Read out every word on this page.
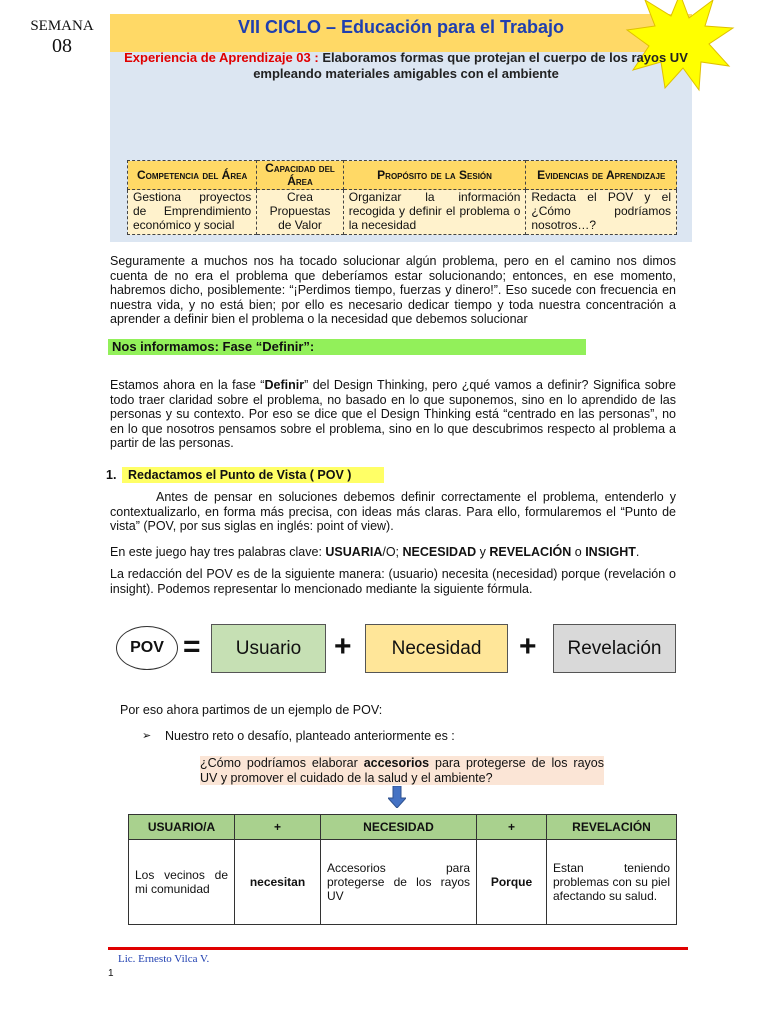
SEMANA
08
VII CICLO – Educación para el Trabajo
Experiencia de Aprendizaje 03 : Elaboramos formas que protejan el cuerpo de los rayos UV empleando materiales amigables con el ambiente
Competencia del Área	Capacidad del Área	Propósito de la Sesión	Evidencias de Aprendizaje
Gestiona proyectos de Emprendimiento económico y social	Crea Propuestas de Valor	Organizar la información recogida y definir el problema o la necesidad	Redacta el POV y el ¿Cómo podríamos nosotros…?
Seguramente a muchos nos ha tocado solucionar algún problema, pero en el camino nos dimos cuenta de no era el problema que deberíamos estar solucionando; entonces, en ese momento, habremos dicho, posiblemente: “¡Perdimos tiempo, fuerzas y dinero!”. Eso sucede con frecuencia en nuestra vida, y no está bien; por ello es necesario dedicar tiempo y toda nuestra concentración a aprender a definir bien el problema o la necesidad que debemos solucionar
Nos informamos: Fase “Definir”:
Estamos ahora en la fase “Definir” del Design Thinking, pero ¿qué vamos a definir? Significa sobre todo traer claridad sobre el problema, no basado en lo que suponemos, sino en lo aprendido de las personas y su contexto. Por eso se dice que el Design Thinking está “centrado en las personas”, no en lo que nosotros pensamos sobre el problema, sino en lo que descubrimos respecto al problema a partir de las personas.
1. Redactamos el Punto de Vista ( POV )
Antes de pensar en soluciones debemos definir correctamente el problema, entenderlo y contextualizarlo, en forma más precisa, con ideas más claras. Para ello, formularemos el “Punto de vista” (POV, por sus siglas en inglés: point of view).
En este juego hay tres palabras clave: USUARIA/O; NECESIDAD y REVELACIÓN o INSIGHT.
La redacción del POV es de la siguiente manera: (usuario) necesita (necesidad) porque (revelación o insight). Podemos representar lo mencionado mediante la siguiente fórmula.
POV =	Usuario	+	Necesidad	+	Revelación
Por eso ahora partimos de un ejemplo de POV:
➢ Nuestro reto o desafío, planteado anteriormente es :
¿Cómo podríamos elaborar accesorios para protegerse de los rayos UV y promover el cuidado de la salud y el ambiente?
USUARIO/A	+	NECESIDAD	+	REVELACIÓN
Los vecinos de mi comunidad	necesitan	Accesorios para protegerse de los rayos UV	Porque	Estan teniendo problemas con su piel afectando su salud.
Lic. Ernesto Vilca V.
1
